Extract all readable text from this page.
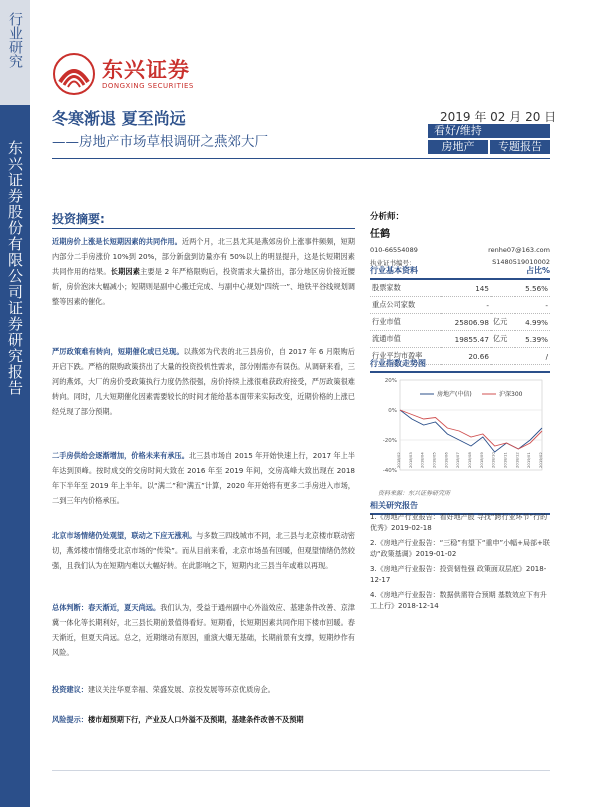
行业研究
东兴证券股份有限公司证券研究报告
东兴证券
DONGXING SECURITIES
冬寒渐退 夏至尚远
——房地产市场草根调研之燕郊大厂
2019 年 02 月 20 日
看好/维持
房地产	专题报告
投资摘要:
近期房价上涨是长短期因素的共同作用。近两个月，北三县尤其是燕郊房价上涨事件频频，短期内部分二手房涨价 10%到 20%，部分新盘到访量亦有 50%以上的明显提升，这是长短期因素共同作用的结果。长期因素主要是 2 年严格限购后，投资需求大量挤出，部分地区房价接近腰斩，房价泡沫大幅减小；短期则是副中心搬迁完成、与副中心规划“四统一”、地铁平谷线规划调整等因素的催化。
严厉政策难有转向，短期催化或已兑现。以燕郊为代表的北三县房价，自 2017 年 6 月限购后开启下跌。严格的限购政策挤出了大量的投资投机性需求，部分刚需亦有误伤。从调研来看，三河的燕郊，大厂的房价受政策执行力度仍然很强，房价持续上涨很难获政府接受，严厉政策很难转向。同时，几大短期催化因素需要较长的时间才能给基本面带来实际改变，近期价格的上涨已经兑现了部分预期。
二手房供给会逐渐增加，价格未来有承压。北三县市场自 2015 年开始快速上行，2017 年上半年达到顶峰。按时成交的交房时间大致在 2016 年至 2019 年间，交房高峰大致出现在 2018 年下半年至 2019 年上半年。以“满二”和“满五”计算，2020 年开始将有更多二手房进入市场，二到三年内价格承压。
北京市场情绪仍处观望，联动之下应无涨利。与多数三四线城市不同，北三县与北京楼市联动密切，燕郊楼市情绪受北京市场的“传染”。而从目前来看，北京市场虽有回暖，但观望情绪仍然较强，且我们认为在短期内难以大幅好转。在此影响之下，短期内北三县当年或难以再现。
总体判断：春天渐近，夏天尚远。我们认为，受益于通州副中心外溢效应、基建条件改善、京津冀一体化等长期利好，北三县长期前景值得看好。短期看，长短期因素共同作用下楼市回暖。春天渐近，但夏天尚远。总之，近期继动有原因，重演大爆无基础，长期前景有支撑，短期炒作有风险。
投资建议：建议关注华夏幸福、荣盛发展、京投发展等环京优质房企。
风险提示：楼市超预期下行，产业及人口外溢不及预期，基建条件改善不及预期
分析师：
任鹤
010-66554089	renhe07@163.com
执业证书编号：	S1480519010002
行业基本资料	占比%
股票家数	145		5.56%
重点公司家数	-		-
行业市值	25806.98	亿元	4.99%
流通市值	19855.47	亿元	5.39%
行业平均市盈率	20.66		/
行业指数走势图
20%
0%
-20%
-40%
2018/02 2018/03 2018/04 2018/05 2018/06 2018/07 2018/08 2018/09 2018/10 2018/11 2018/12 2019/01 2019/02
房地产(中信)	沪深300
资料来源：东兴证券研究所
相关研究报告
1.《房地产行业报告：看好地产股 寻找“跨行业环节”行的优秀》2019-02-18
2.《房地产行业报告：“三稳”有望下“重申”小幅+局部+联动“政策基调》2019-01-02
3.《房地产行业报告：投资韧性强 政策面双层底》2018-12-17
4.《房地产行业报告：数据供需符合预期 基数效应下有升工上行》2018-12-14
